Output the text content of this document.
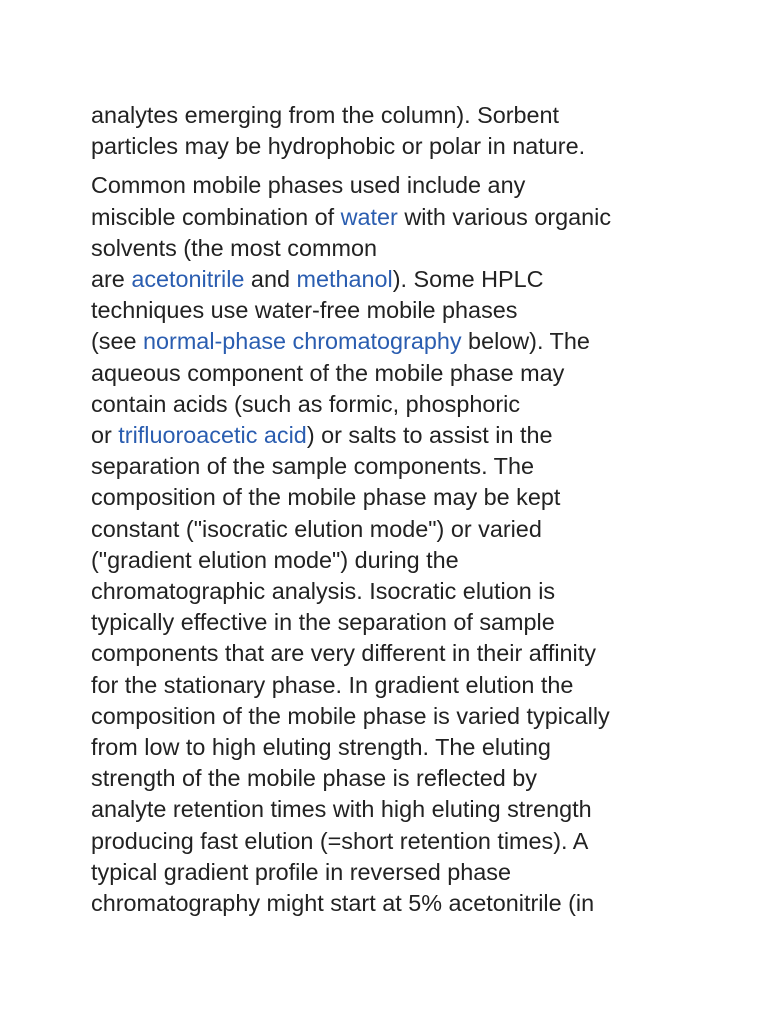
analytes emerging from the column). Sorbent
particles may be hydrophobic or polar in nature.

Common mobile phases used include any
miscible combination of water with various organic
solvents (the most common
are acetonitrile and methanol). Some HPLC
techniques use water-free mobile phases
(see normal-phase chromatography below). The
aqueous component of the mobile phase may
contain acids (such as formic, phosphoric
or trifluoroacetic acid) or salts to assist in the
separation of the sample components. The
composition of the mobile phase may be kept
constant ("isocratic elution mode") or varied
("gradient elution mode") during the
chromatographic analysis. Isocratic elution is
typically effective in the separation of sample
components that are very different in their affinity
for the stationary phase. In gradient elution the
composition of the mobile phase is varied typically
from low to high eluting strength. The eluting
strength of the mobile phase is reflected by
analyte retention times with high eluting strength
producing fast elution (=short retention times). A
typical gradient profile in reversed phase
chromatography might start at 5% acetonitrile (in
